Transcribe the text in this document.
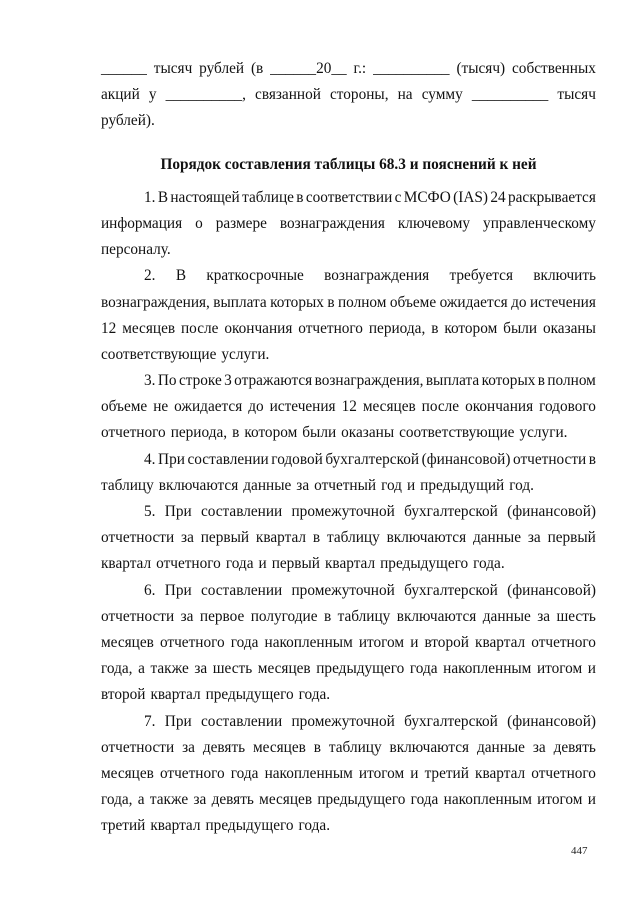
______ тысяч рублей (в ______20__ г.: __________ (тысяч) собственных
акций у __________, связанной стороны, на сумму __________ тысяч
рублей).
Порядок составления таблицы 68.3 и пояснений к ней
1. В настоящей таблице в соответствии с МСФО (IAS) 24 раскрывается
информация о размере вознаграждения ключевому управленческому
персоналу.
2. В краткосрочные вознаграждения требуется включить
вознаграждения, выплата которых в полном объеме ожидается до истечения
12 месяцев после окончания отчетного периода, в котором были оказаны
соответствующие услуги.
3. По строке 3 отражаются вознаграждения, выплата которых в полном
объеме не ожидается до истечения 12 месяцев после окончания годового
отчетного периода, в котором были оказаны соответствующие услуги.
4. При составлении годовой бухгалтерской (финансовой) отчетности в
таблицу включаются данные за отчетный год и предыдущий год.
5. При составлении промежуточной бухгалтерской (финансовой)
отчетности за первый квартал в таблицу включаются данные за первый
квартал отчетного года и первый квартал предыдущего года.
6. При составлении промежуточной бухгалтерской (финансовой)
отчетности за первое полугодие в таблицу включаются данные за шесть
месяцев отчетного года накопленным итогом и второй квартал отчетного
года, а также за шесть месяцев предыдущего года накопленным итогом и
второй квартал предыдущего года.
7. При составлении промежуточной бухгалтерской (финансовой)
отчетности за девять месяцев в таблицу включаются данные за девять
месяцев отчетного года накопленным итогом и третий квартал отчетного
года, а также за девять месяцев предыдущего года накопленным итогом и
третий квартал предыдущего года.
447
